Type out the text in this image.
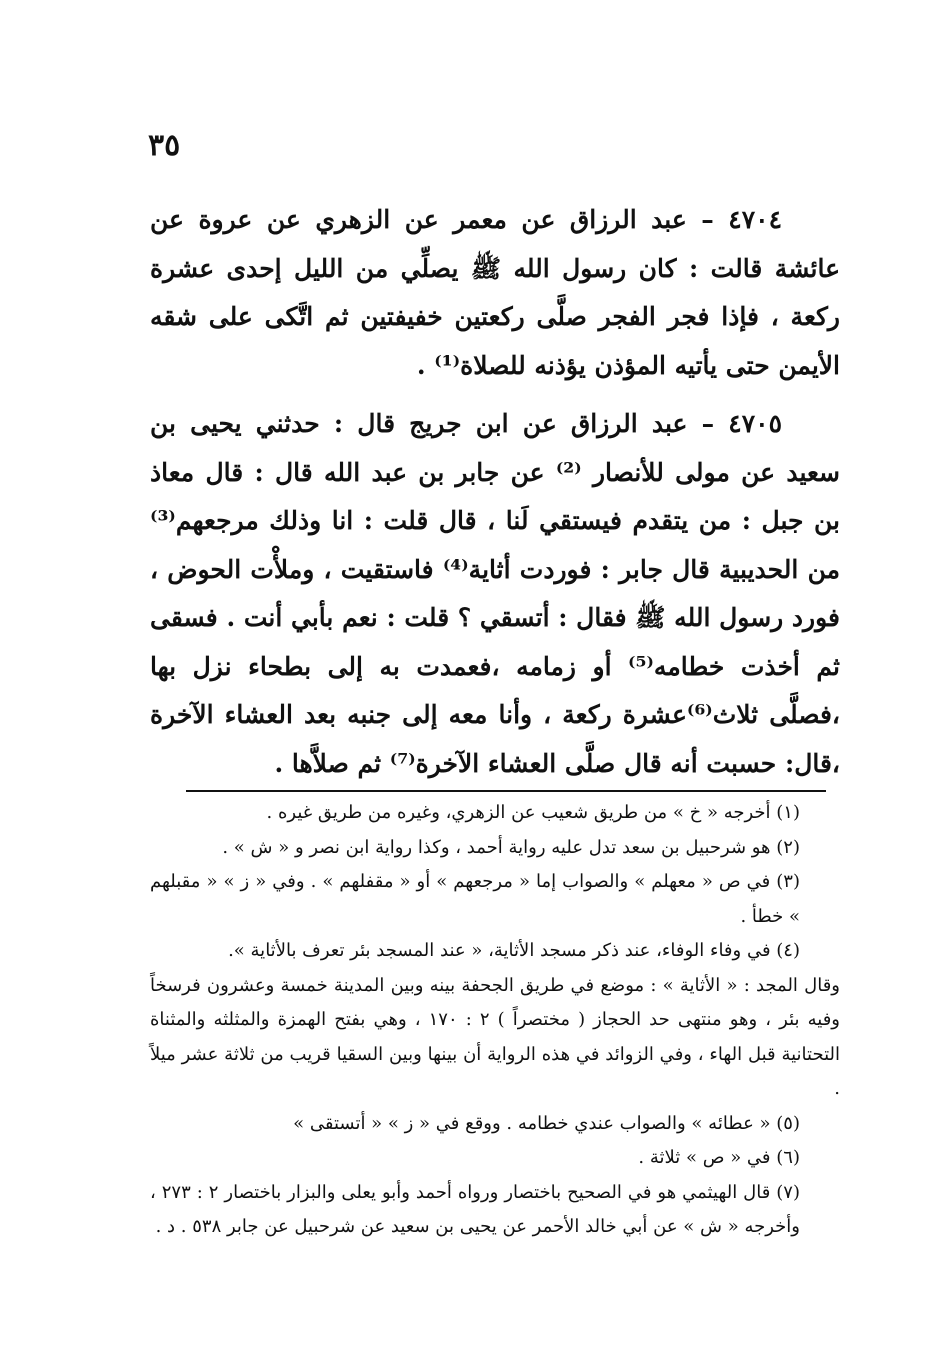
٣٥

٤٧٠٤ – عبد الرزاق عن معمر عن الزهري عن عروة عن عائشة قالت : كان رسول الله ﷺ يصلِّي من الليل إحدى عشرة ركعة ، فإذا فجر الفجر صلَّى ركعتين خفيفتين ثم اتَّكى على شقه الأيمن حتى يأتيه المؤذن يؤذنه للصلاة⁽¹⁾ .

٤٧٠٥ – عبد الرزاق عن ابن جريج قال : حدثني يحيى بن سعيد عن مولى للأنصار ⁽²⁾ عن جابر بن عبد الله قال : قال معاذ بن جبل : من يتقدم فيستقي لَنا ، قال قلت : انا وذلك مرجعهم⁽³⁾ من الحديبية قال جابر : فوردت أثاية⁽⁴⁾ فاستقيت ، وملأْت الحوض ، فورد رسول الله ﷺ فقال : أتسقي ؟ قلت : نعم بأبي أنت . فسقى ثم أخذت خطامه⁽⁵⁾ أو زمامه ،فعمدت به إلى بطحاء نزل بها ،فصلَّى ثلاث⁽⁶⁾عشرة ركعة ، وأنا معه إلى جنبه بعد العشاء الآخرة ،قال: حسبت أنه قال صلَّى العشاء الآخرة⁽⁷⁾ ثم صلاَّها .

(١) أخرجه « خ » من طريق شعيب عن الزهري، وغيره من طريق غيره .

(٢) هو شرحبيل بن سعد تدل عليه رواية أحمد ، وكذا رواية ابن نصر و « ش » .

(٣) في ص « معهلم » والصواب إما « مرجعهم » أو « مقفلهم » . وفي « ز » « مقبلهم » خطأ .

(٤) في وفاء الوفاء، عند ذكر مسجد الأثاية، « عند المسجد بئر تعرف بالأثاية ».

وقال المجد : « الأثاية » : موضع في طريق الجحفة بينه وبين المدينة خمسة وعشرون فرسخاً وفيه بئر ، وهو منتهى حد الحجاز ( مختصراً ) ٢ : ١٧٠ ، وهي بفتح الهمزة والمثلثه والمثناة التحتانية قبل الهاء ، وفي الزوائد في هذه الرواية أن بينها وبين السقيا قريب من ثلاثة عشر ميلاً .

(٥) « عطائه » والصواب عندي خطامه . ووقع في « ز » « أتستقى »

(٦) في « ص » ثلاثة .

(٧) قال الهيثمي هو في الصحيح باختصار ورواه أحمد وأبو يعلى والبزار باختصار ٢ : ٢٧٣ ، وأخرجه « ش » عن أبي خالد الأحمر عن يحيى بن سعيد عن شرحبيل عن جابر ٥٣٨ . د .
